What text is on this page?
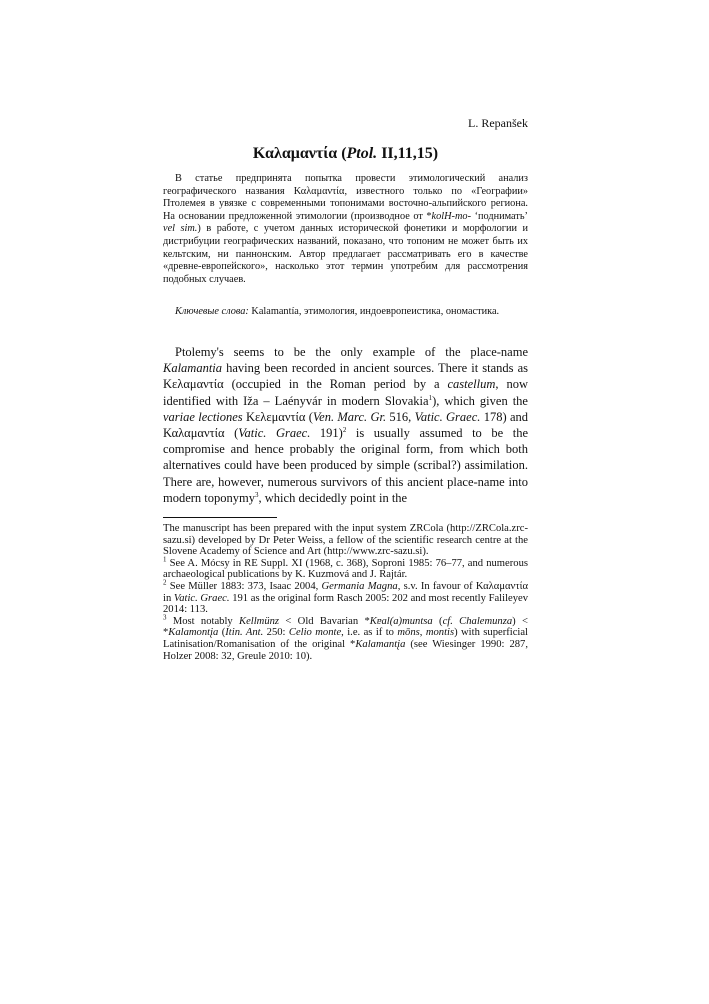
L. Repanšek
Καλαμαντία (Ptol. II,11,15)

В статье предпринята попытка провести этимологический анализ географического названия Καλαμαντία, известного только по «Географии» Птолемея в увязке с современными топонимами восточно-альпийского региона. На основании предложенной этимологии (производное от *kolH-mo- ‘поднимать’ vel sim.) в работе, с учетом данных исторической фонетики и морфологии и дистрибуции географических названий, показано, что топоним не может быть их кельтским, ни паннонским. Автор предлагает рассматривать его в качестве «древне-европейского», насколько этот термин употребим для рассмотрения подобных случаев.

Ключевые слова: Kalamantía, этимология, индоевропеистика, ономастика.

Ptolemy's seems to be the only example of the place-name Kalamantia having been recorded in ancient sources. There it stands as Κελαμαντία (occupied in the Roman period by a castellum, now identified with Iža – Laényvár in modern Slovakia$^1$), which given the variae lectiones Κελεμαντία (Ven. Marc. Gr. 516, Vatic. Graec. 178) and Καλαμαντία (Vatic. Graec. 191)$^2$ is usually assumed to be the compromise and hence probably the original form, from which both alternatives could have been produced by simple (scribal?) assimilation. There are, however, numerous survivors of this ancient place-name into modern toponymy$^3$, which decidedly point in the

The manuscript has been prepared with the input system ZRCola (http://ZRCola.zrc-sazu.si) developed by Dr Peter Weiss, a fellow of the scientific research centre at the Slovene Academy of Science and Art (http://www.zrc-sazu.si).

$^1$ See A. Mócsy in RE Suppl. XI (1968, c. 368), Soproni 1985: 76–77, and numerous archaeological publications by K. Kuzmová and J. Rajtár.

$^2$ See Müller 1883: 373, Isaac 2004, Germania Magna, s.v. In favour of Καλαμαντία in Vatic. Graec. 191 as the original form Rasch 2005: 202 and most recently Falileyev 2014: 113.

$^3$ Most notably Kellmünz < Old Bavarian *Kɐal(a)muntsa (cf. Chalemunza) < *Kalamontįa (Itin. Ant. 250: Celio monte, i.e. as if to mōns, montis) with superficial Latinisation/Romanisation of the original *Kalamantįa (see Wiesinger 1990: 287, Holzer 2008: 32, Greule 2010: 10).
